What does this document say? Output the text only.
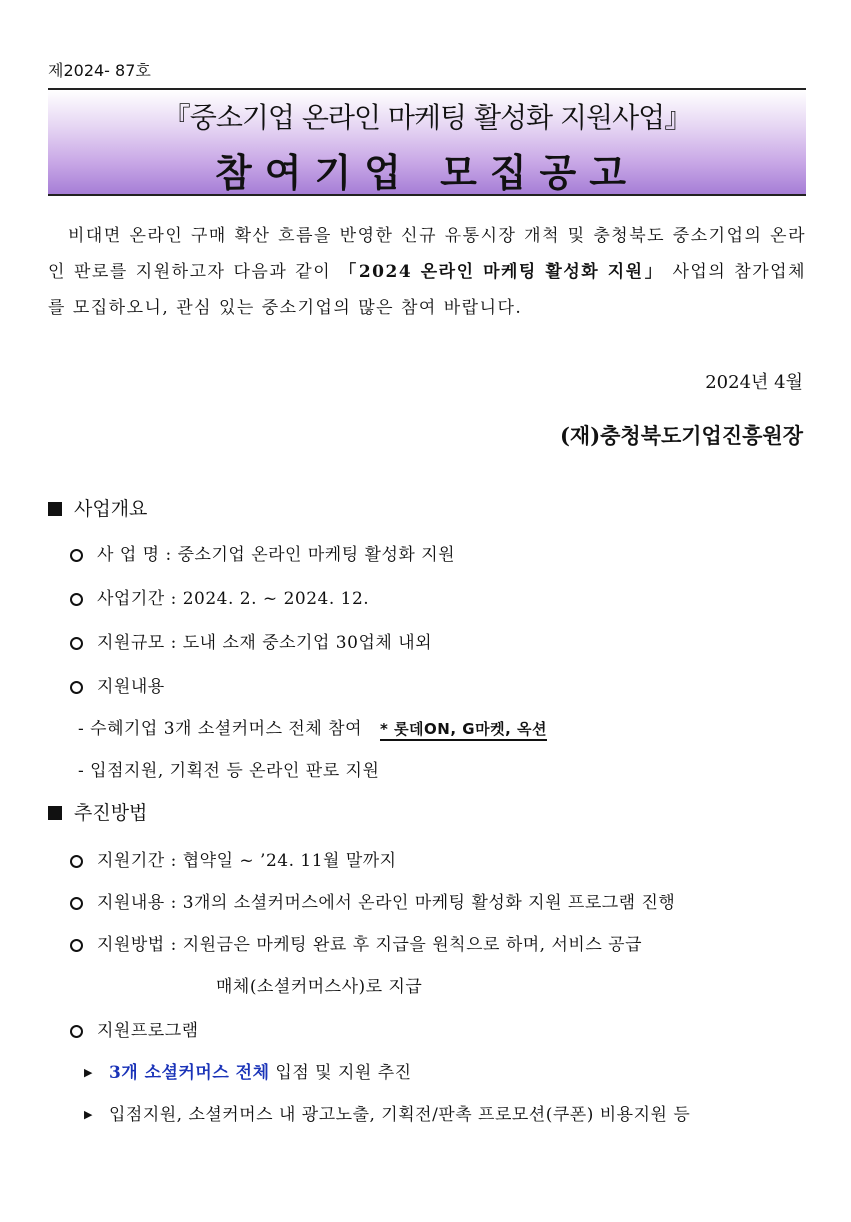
제2024- 87호
『중소기업 온라인 마케팅 활성화 지원사업』
참여기업 모집공고
비대면 온라인 구매 확산 흐름을 반영한 신규 유통시장 개척 및 충청북도 중소기업의 온라인 판로를 지원하고자 다음과 같이 「2024 온라인 마케팅 활성화 지원」 사업의 참가업체를 모집하오니, 관심 있는 중소기업의 많은 참여 바랍니다.
2024년 4월
(재)충청북도기업진흥원장
사업개요
사 업 명 : 중소기업 온라인 마케팅 활성화 지원
사업기간 : 2024. 2. ~ 2024. 12.
지원규모 : 도내 소재 중소기업 30업체 내외
지원내용
- 수혜기업 3개 소셜커머스 전체 참여 * 롯데ON, G마켓, 옥션
- 입점지원, 기획전 등 온라인 판로 지원
추진방법
지원기간 : 협약일 ~ ’24. 11월 말까지
지원내용 : 3개의 소셜커머스에서 온라인 마케팅 활성화 지원 프로그램 진행
지원방법 : 지원금은 마케팅 완료 후 지급을 원칙으로 하며, 서비스 공급
매체(소셜커머스사)로 지급
지원프로그램
▶ 3개 소셜커머스 전체 입점 및 지원 추진
▶ 입점지원, 소셜커머스 내 광고노출, 기획전/판촉 프로모션(쿠폰) 비용지원 등
